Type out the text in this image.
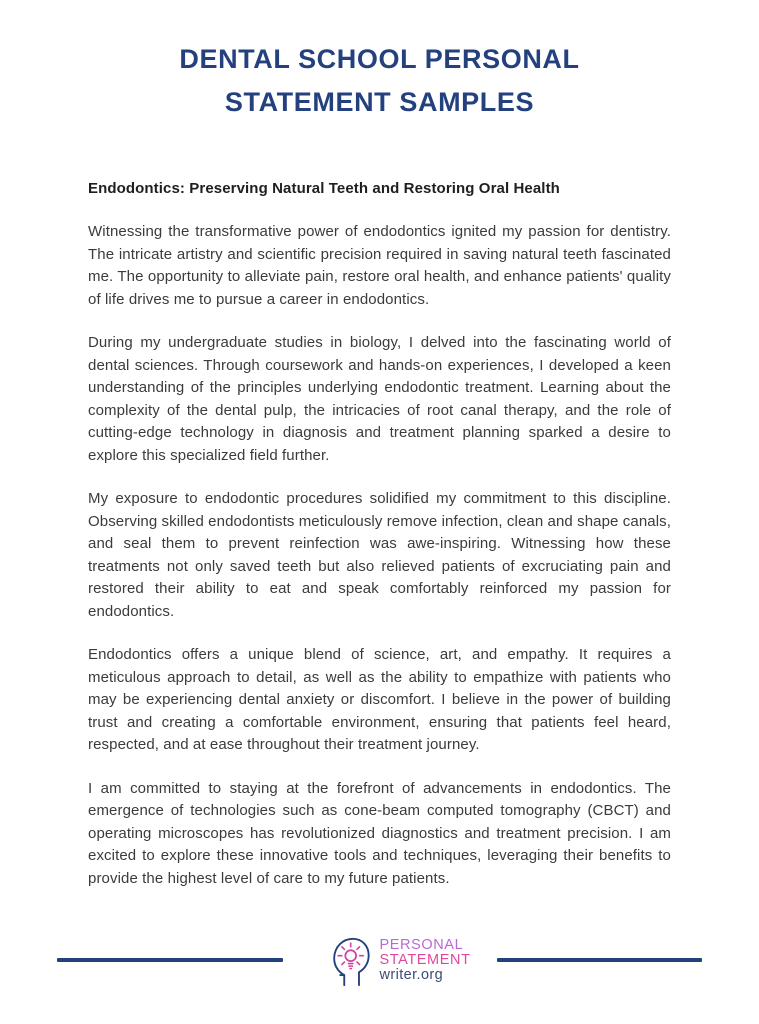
DENTAL SCHOOL PERSONAL
STATEMENT SAMPLES
Endodontics: Preserving Natural Teeth and Restoring Oral Health

Witnessing the transformative power of endodontics ignited my passion for dentistry. The intricate artistry and scientific precision required in saving natural teeth fascinated me. The opportunity to alleviate pain, restore oral health, and enhance patients' quality of life drives me to pursue a career in endodontics.

During my undergraduate studies in biology, I delved into the fascinating world of dental sciences. Through coursework and hands-on experiences, I developed a keen understanding of the principles underlying endodontic treatment. Learning about the complexity of the dental pulp, the intricacies of root canal therapy, and the role of cutting-edge technology in diagnosis and treatment planning sparked a desire to explore this specialized field further.

My exposure to endodontic procedures solidified my commitment to this discipline. Observing skilled endodontists meticulously remove infection, clean and shape canals, and seal them to prevent reinfection was awe-inspiring. Witnessing how these treatments not only saved teeth but also relieved patients of excruciating pain and restored their ability to eat and speak comfortably reinforced my passion for endodontics.

Endodontics offers a unique blend of science, art, and empathy. It requires a meticulous approach to detail, as well as the ability to empathize with patients who may be experiencing dental anxiety or discomfort. I believe in the power of building trust and creating a comfortable environment, ensuring that patients feel heard, respected, and at ease throughout their treatment journey.

I am committed to staying at the forefront of advancements in endodontics. The emergence of technologies such as cone-beam computed tomography (CBCT) and operating microscopes has revolutionized diagnostics and treatment precision. I am excited to explore these innovative tools and techniques, leveraging their benefits to provide the highest level of care to my future patients.

PERSONAL
STATEMENT
writer.org
